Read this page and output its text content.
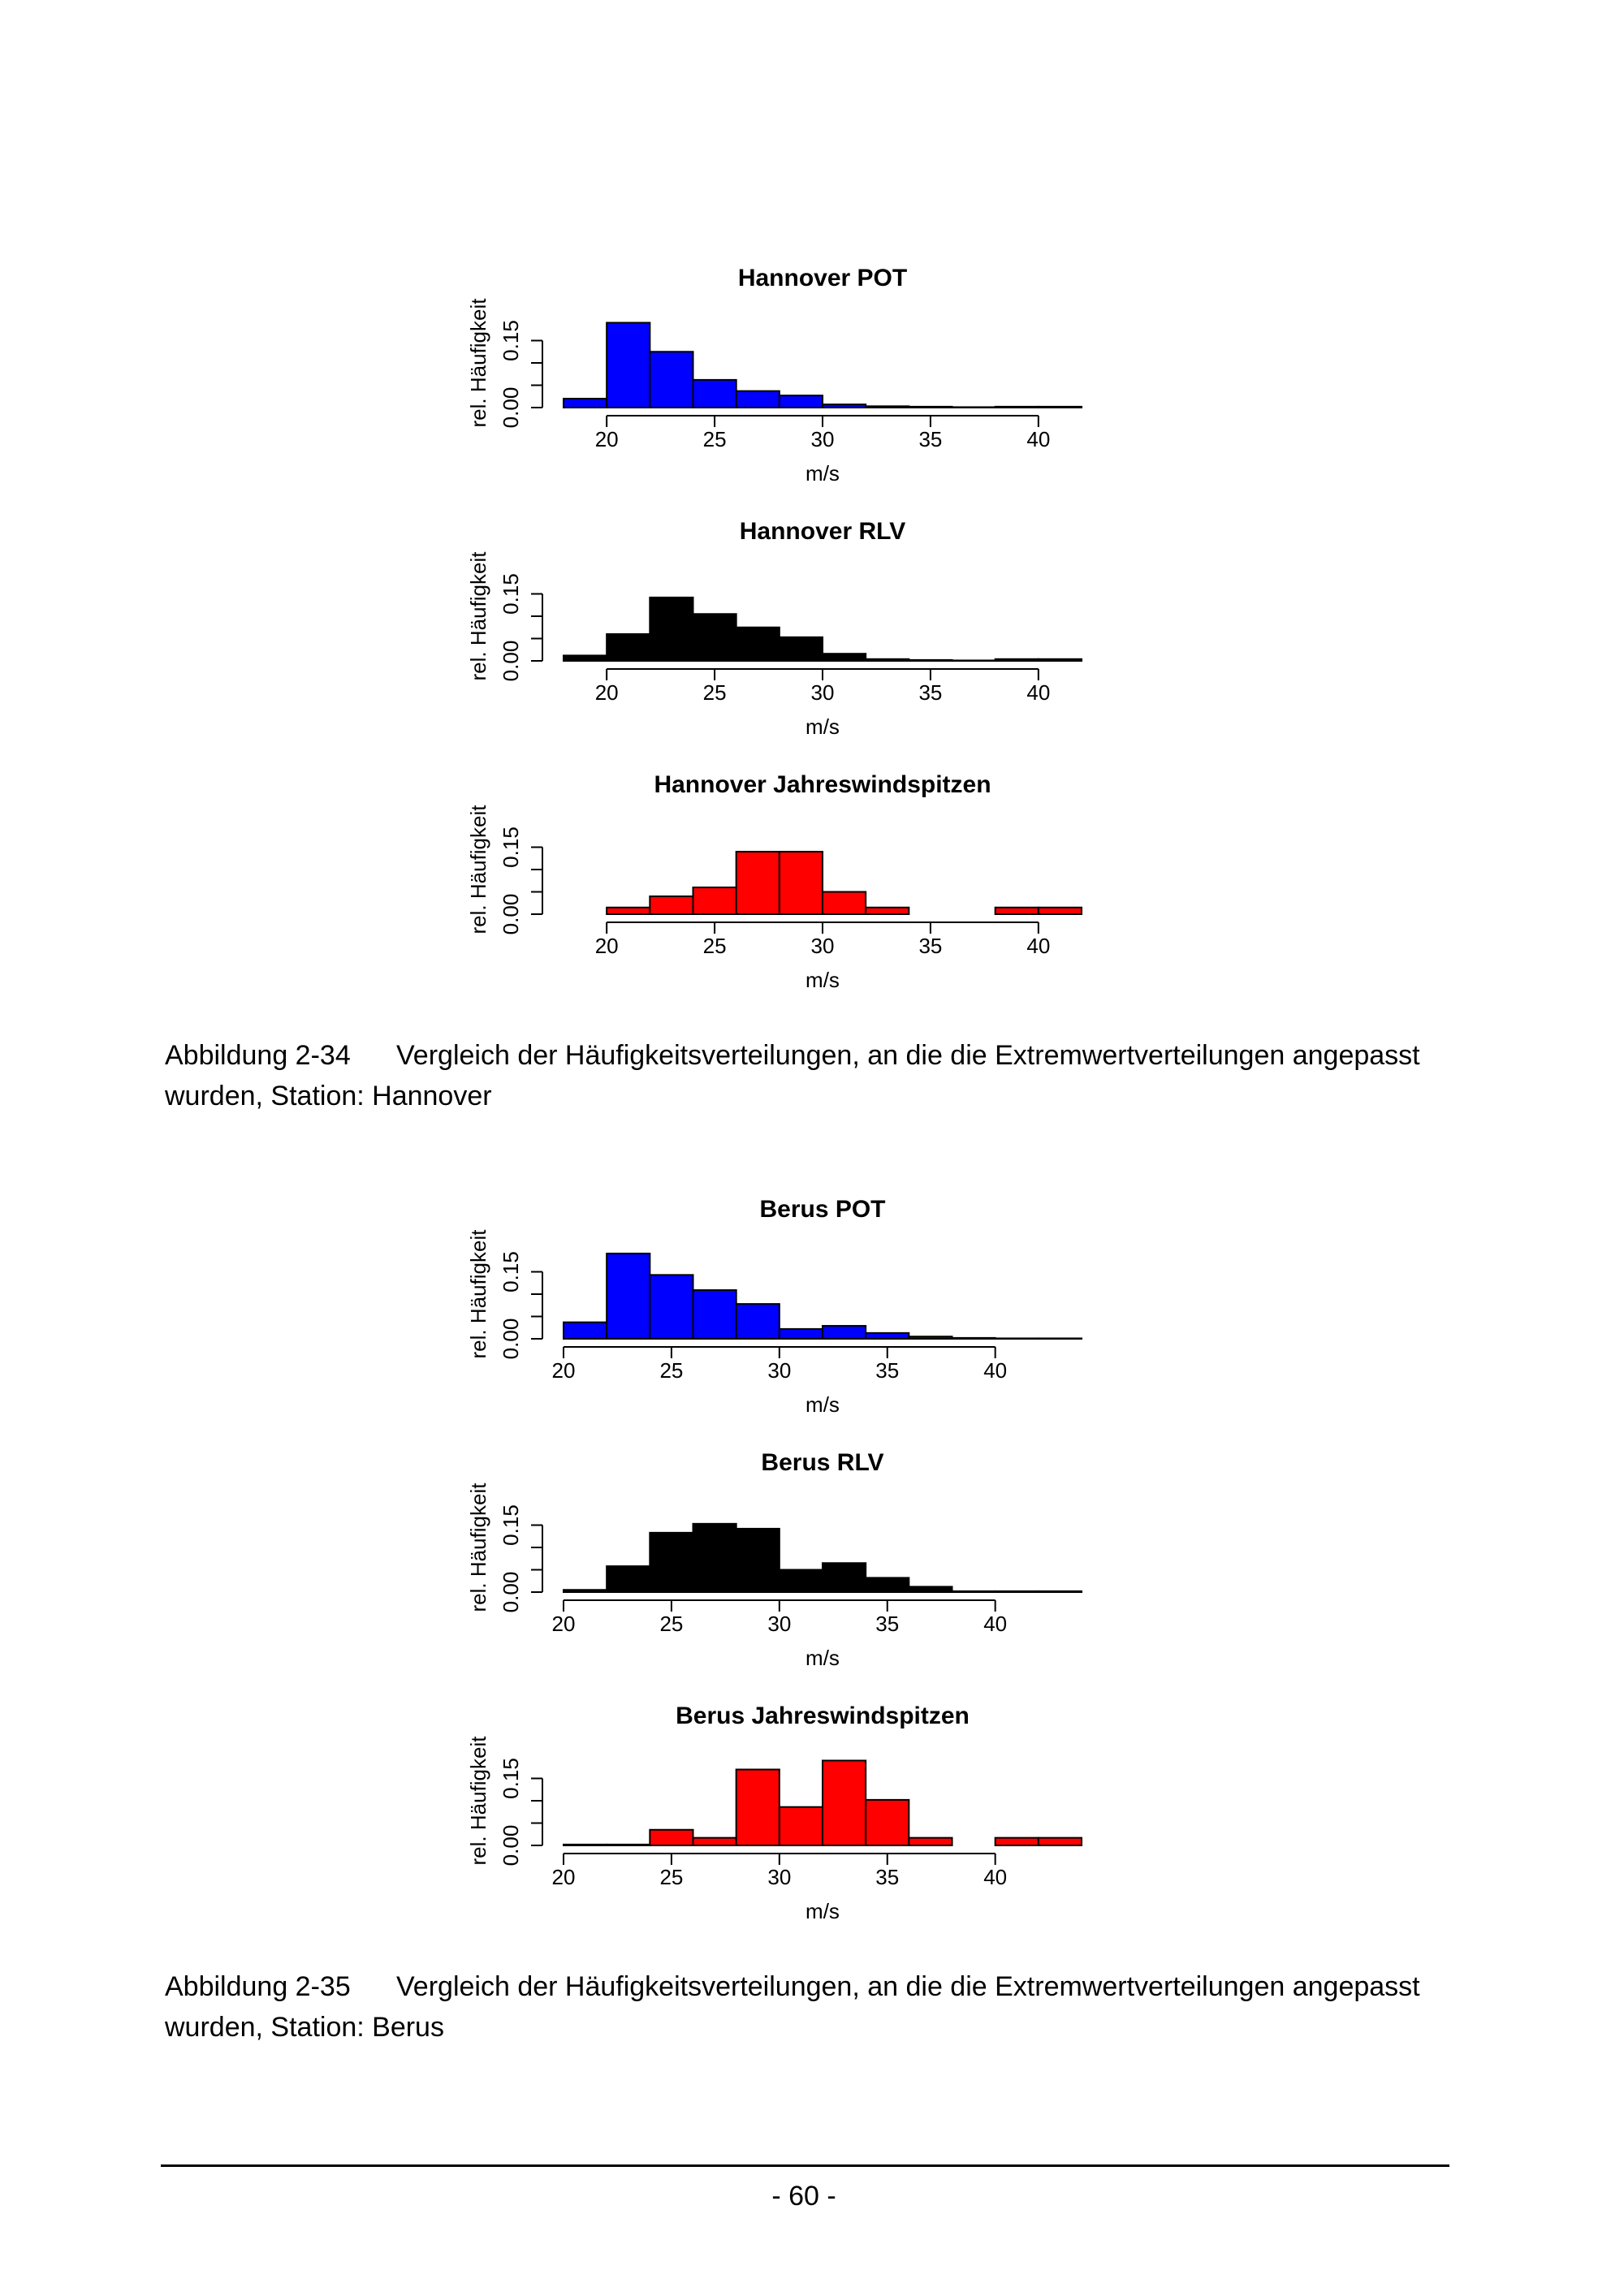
Hannover POT
20	25	30	35	40
m/s
0.00
0.15
rel. Häufigkeit
Hannover RLV
20	25	30	35	40
m/s
0.00
0.15
rel. Häufigkeit
Hannover Jahreswindspitzen
20	25	30	35	40
m/s
0.00
0.15
rel. Häufigkeit
Abbildung 2-34 Vergleich der Häufigkeitsverteilungen, an die die Extremwertverteilungen angepasst wurden, Station: Hannover
Berus POT
20	25	30	35	40
m/s
0.00
0.15
rel. Häufigkeit
Berus RLV
20	25	30	35	40
m/s
0.00
0.15
rel. Häufigkeit
Berus Jahreswindspitzen
20	25	30	35	40
m/s
0.00
0.15
rel. Häufigkeit
Abbildung 2-35 Vergleich der Häufigkeitsverteilungen, an die die Extremwertverteilungen angepasst wurden, Station: Berus
- 60 -
